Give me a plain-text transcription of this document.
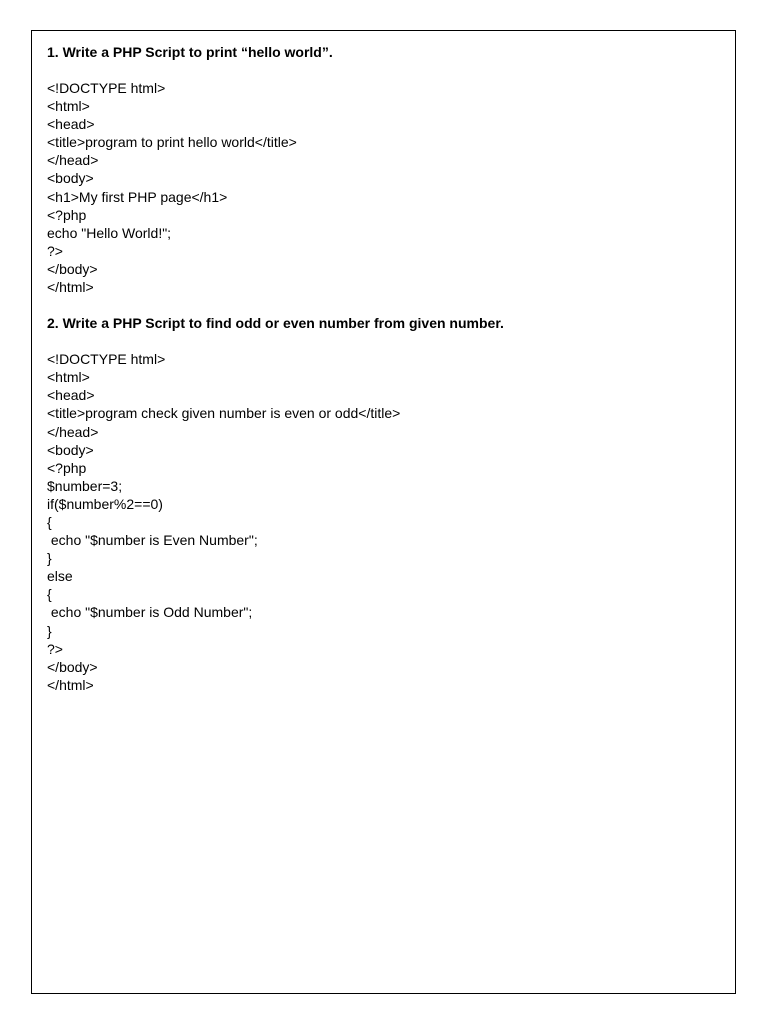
1. Write a PHP Script to print “hello world”.

<!DOCTYPE html>
<html>
<head>
<title>program to print hello world</title>
</head>
<body>
<h1>My first PHP page</h1>
<?php
echo "Hello World!";
?>
</body>
</html>

2. Write a PHP Script to find odd or even number from given number.

<!DOCTYPE html>
<html>
<head>
<title>program check given number is even or odd</title>
</head>
<body>
<?php
$number=3;
if($number%2==0)
{
echo "$number is Even Number";
}
else
{
echo "$number is Odd Number";
}
?>
</body>
</html>
